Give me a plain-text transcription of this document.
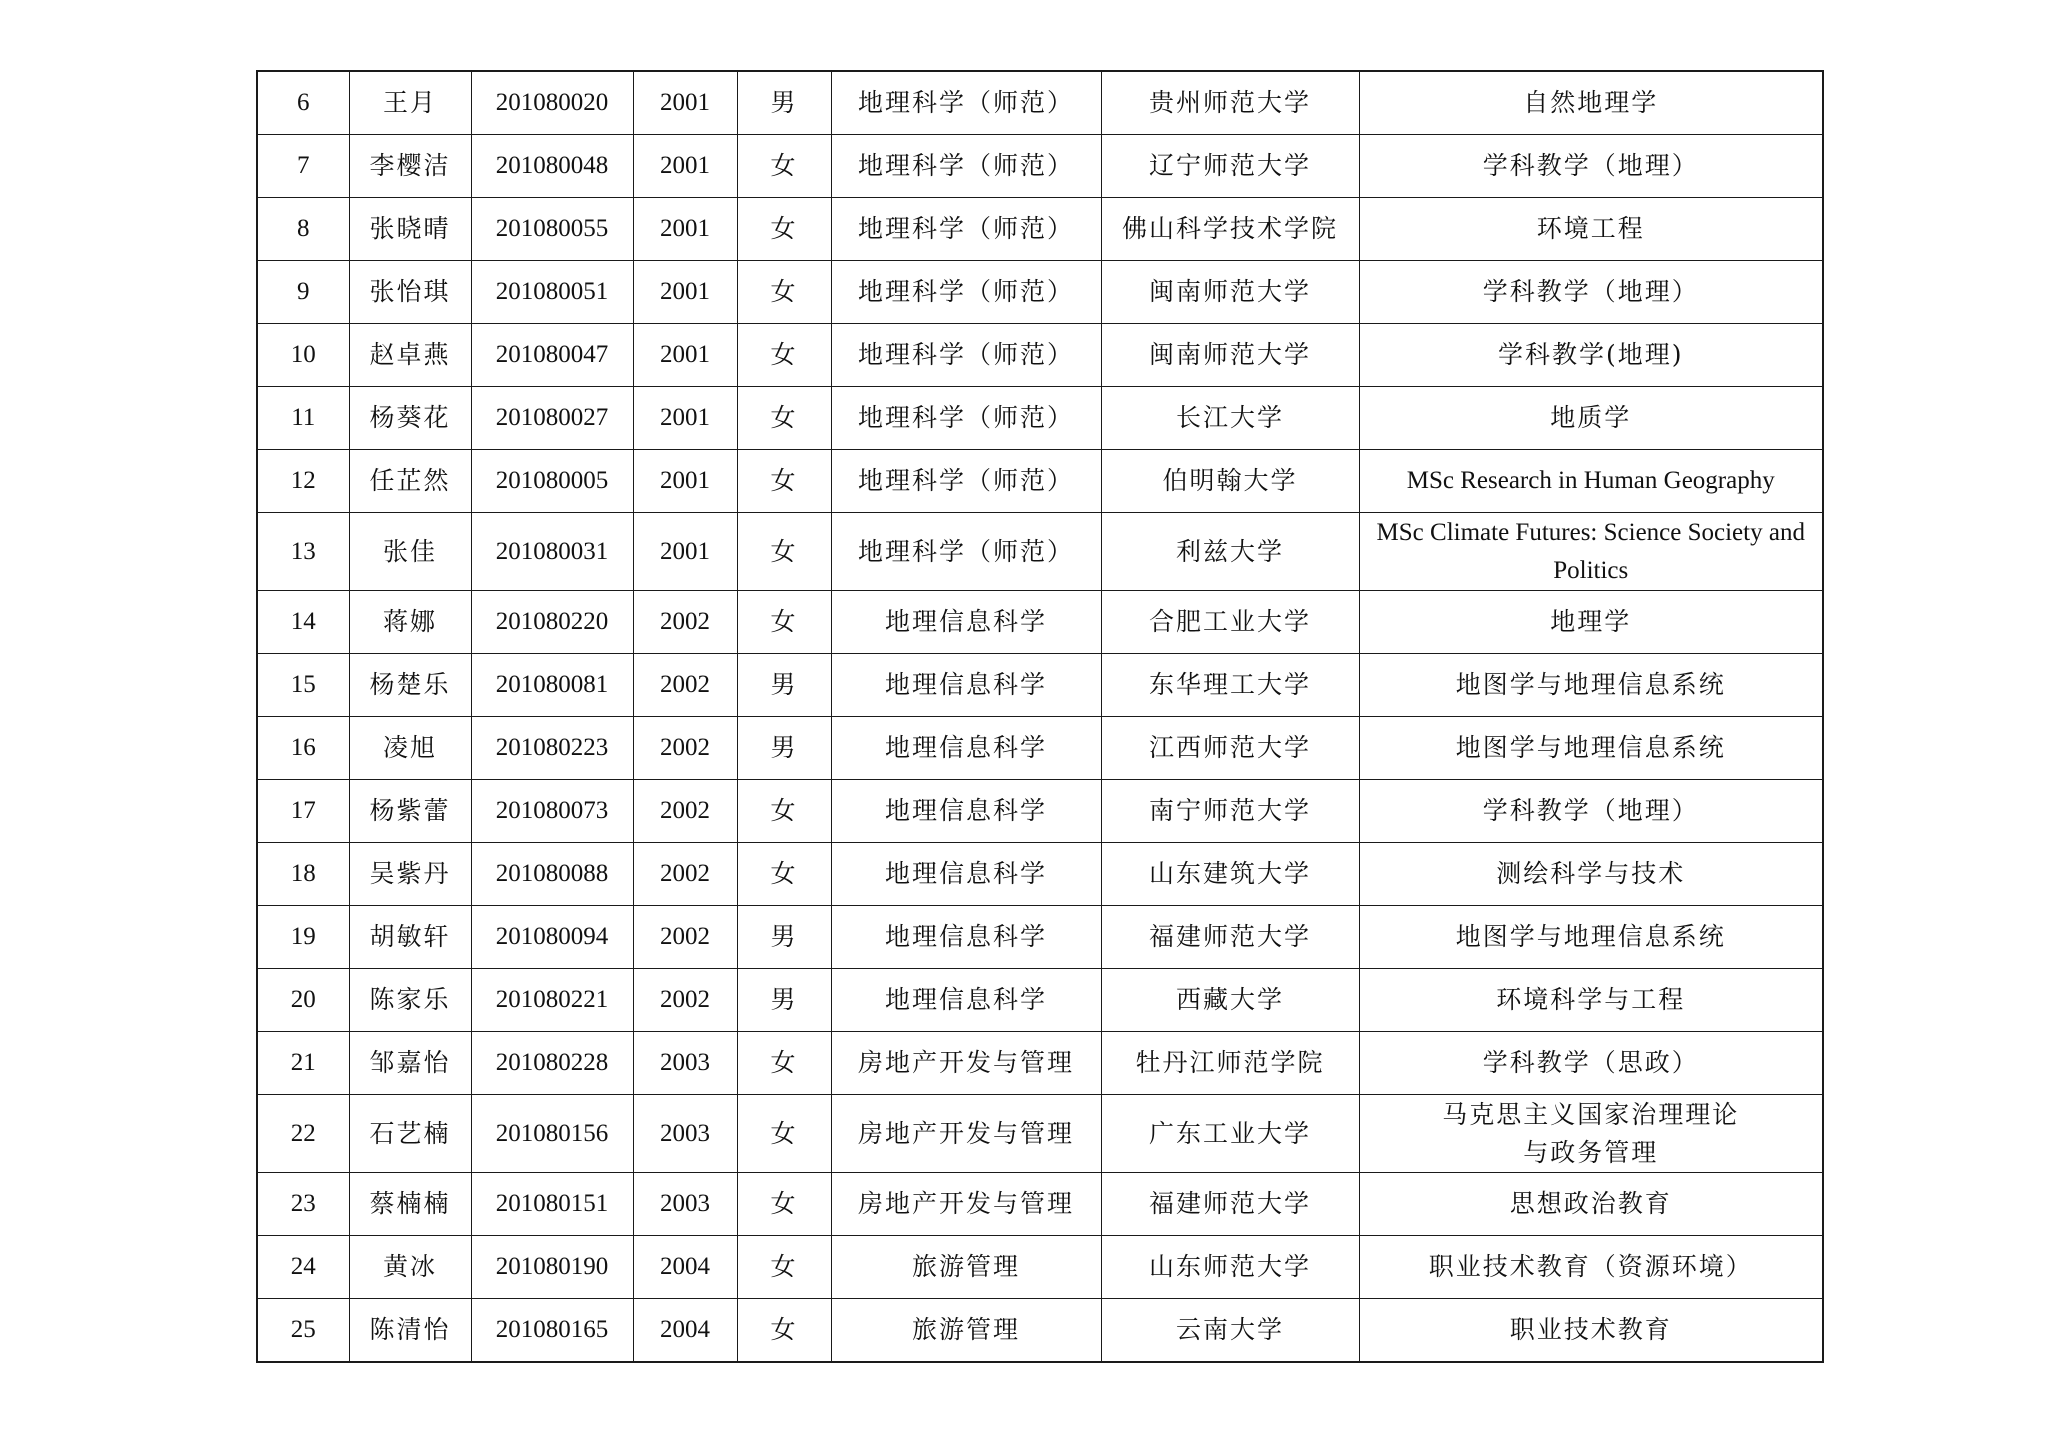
6	王月	201080020	2001	男	地理科学（师范）	贵州师范大学	自然地理学
7	李樱洁	201080048	2001	女	地理科学（师范）	辽宁师范大学	学科教学（地理）
8	张晓晴	201080055	2001	女	地理科学（师范）	佛山科学技术学院	环境工程
9	张怡琪	201080051	2001	女	地理科学（师范）	闽南师范大学	学科教学（地理）
10	赵卓燕	201080047	2001	女	地理科学（师范）	闽南师范大学	学科教学(地理)
11	杨葵花	201080027	2001	女	地理科学（师范）	长江大学	地质学
12	任芷然	201080005	2001	女	地理科学（师范）	伯明翰大学	MSc Research in Human Geography
13	张佳	201080031	2001	女	地理科学（师范）	利兹大学	MSc Climate Futures: Science Society and Politics
14	蒋娜	201080220	2002	女	地理信息科学	合肥工业大学	地理学
15	杨楚乐	201080081	2002	男	地理信息科学	东华理工大学	地图学与地理信息系统
16	凌旭	201080223	2002	男	地理信息科学	江西师范大学	地图学与地理信息系统
17	杨紫蕾	201080073	2002	女	地理信息科学	南宁师范大学	学科教学（地理）
18	吴紫丹	201080088	2002	女	地理信息科学	山东建筑大学	测绘科学与技术
19	胡敏轩	201080094	2002	男	地理信息科学	福建师范大学	地图学与地理信息系统
20	陈家乐	201080221	2002	男	地理信息科学	西藏大学	环境科学与工程
21	邹嘉怡	201080228	2003	女	房地产开发与管理	牡丹江师范学院	学科教学（思政）
22	石艺楠	201080156	2003	女	房地产开发与管理	广东工业大学	马克思主义国家治理理论
与政务管理
23	蔡楠楠	201080151	2003	女	房地产开发与管理	福建师范大学	思想政治教育
24	黄冰	201080190	2004	女	旅游管理	山东师范大学	职业技术教育（资源环境）
25	陈清怡	201080165	2004	女	旅游管理	云南大学	职业技术教育
